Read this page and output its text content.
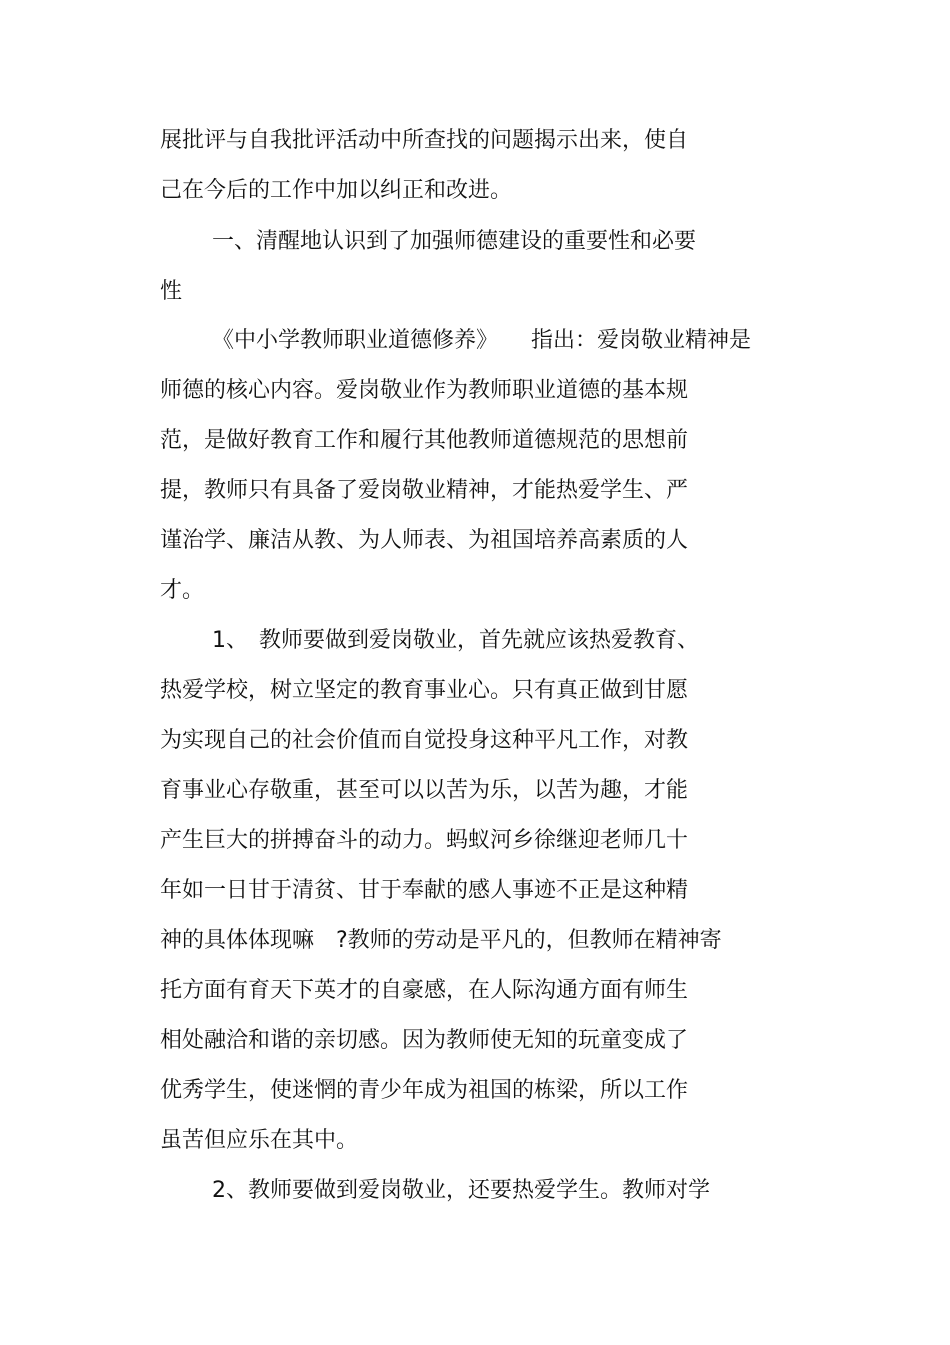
展批评与自我批评活动中所查找的问题揭示出来，使自
己在今后的工作中加以纠正和改进。
一、清醒地认识到了加强师德建设的重要性和必要
性
《中小学教师职业道德修养》　　指出：爱岗敬业精神是
师德的核心内容。爱岗敬业作为教师职业道德的基本规
范，是做好教育工作和履行其他教师道德规范的思想前
提，教师只有具备了爱岗敬业精神，才能热爱学生、严
谨治学、廉洁从教、为人师表、为祖国培养高素质的人
才。
1、　教师要做到爱岗敬业，首先就应该热爱教育、
热爱学校，树立坚定的教育事业心。只有真正做到甘愿
为实现自己的社会价值而自觉投身这种平凡工作，对教
育事业心存敬重，甚至可以以苦为乐，以苦为趣，才能
产生巨大的拼搏奋斗的动力。蚂蚁河乡徐继迎老师几十
年如一日甘于清贫、甘于奉献的感人事迹不正是这种精
神的具体体现嘛　?教师的劳动是平凡的，但教师在精神寄
托方面有育天下英才的自豪感，在人际沟通方面有师生
相处融洽和谐的亲切感。因为教师使无知的玩童变成了
优秀学生，使迷惘的青少年成为祖国的栋梁，所以工作
虽苦但应乐在其中。
2、教师要做到爱岗敬业，还要热爱学生。教师对学
